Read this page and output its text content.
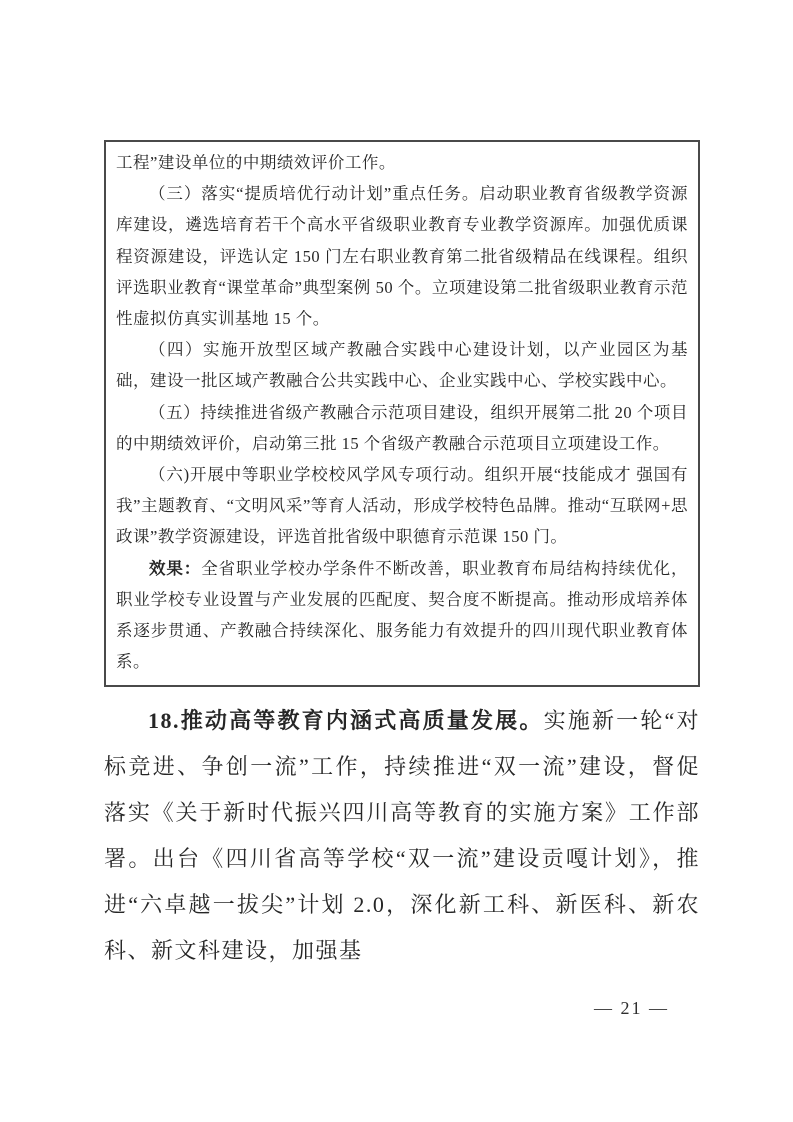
工程”建设单位的中期绩效评价工作。

（三）落实“提质培优行动计划”重点任务。启动职业教育省级教学资源库建设，遴选培育若干个高水平省级职业教育专业教学资源库。加强优质课程资源建设，评选认定 150 门左右职业教育第二批省级精品在线课程。组织评选职业教育“课堂革命”典型案例 50 个。立项建设第二批省级职业教育示范性虚拟仿真实训基地 15 个。

（四）实施开放型区域产教融合实践中心建设计划，以产业园区为基础，建设一批区域产教融合公共实践中心、企业实践中心、学校实践中心。

（五）持续推进省级产教融合示范项目建设，组织开展第二批 20 个项目的中期绩效评价，启动第三批 15 个省级产教融合示范项目立项建设工作。

（六)开展中等职业学校校风学风专项行动。组织开展“技能成才 强国有我”主题教育、“文明风采”等育人活动，形成学校特色品牌。推动“互联网+思政课”教学资源建设，评选首批省级中职德育示范课 150 门。

效果：全省职业学校办学条件不断改善，职业教育布局结构持续优化，职业学校专业设置与产业发展的匹配度、契合度不断提高。推动形成培养体系逐步贯通、产教融合持续深化、服务能力有效提升的四川现代职业教育体系。

18.推动高等教育内涵式高质量发展。实施新一轮“对标竞进、争创一流”工作，持续推进“双一流”建设，督促落实《关于新时代振兴四川高等教育的实施方案》工作部署。出台《四川省高等学校“双一流”建设贡嘎计划》，推进“六卓越一拔尖”计划 2.0，深化新工科、新医科、新农科、新文科建设，加强基

— 21 —
